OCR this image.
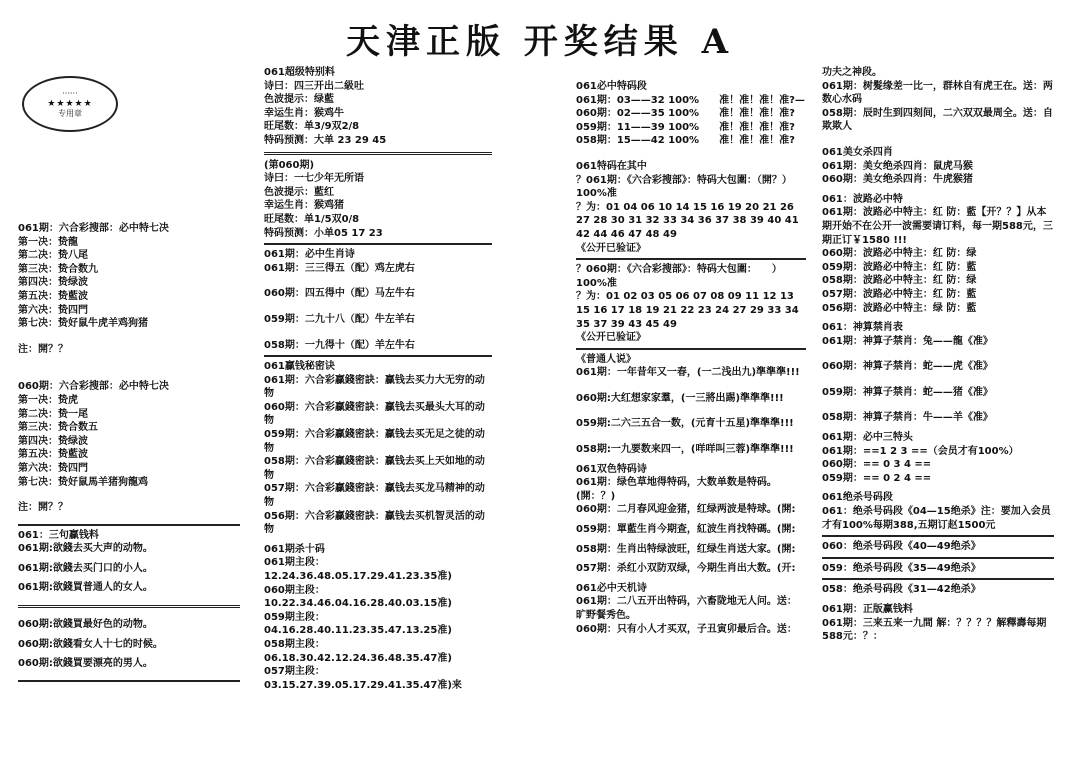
天津正版 开奖结果 A
······
★★★★★
专用章

061期：六合彩搜部：必中特七决

第一决：贽龍

第二决：贽八尾

第三决：贽合数九

第四决：贽绿波

第五决：贽藍波

第六决：贽四門

第七决：贽好鼠牛虎羊鸡狗猪

注：開？？

060期：六合彩搜部：必中特七决

第一决：贽虎

第二决：贽一尾

第三决：贽合数五

第四决：贽绿波

第五决：贽藍波

第六决：贽四門

第七决：贽好鼠馬羊猪狗龍鸡

注：開？？

061：三句贏钱料

061期:欲錢去买大声的动物。

061期:欲錢去买门口的小人。

061期:欲錢買普通人的女人。

060期:欲錢買最好色的动物。

060期:欲錢看女人十七的时候。

060期:欲錢買要漂亮的男人。

061超级特别料

诗曰：四三开出二級吐

色波提示：绿藍

幸运生肖：猴鸡牛

旺尾数：单3/9双2/8

特码预测：大单 23 29 45

(第060期)

诗曰：一七少年无所语

色波提示：藍红

幸运生肖：猴鸡猪

旺尾数：单1/5双0/8

特码预测：小单05 17 23

061期：必中生肖诗

061期：三三得五（配）鸡左虎右

060期：四五得中（配）马左牛右

059期：二九十八（配）牛左羊右

058期：一九得十（配）羊左牛右

061贏钱秘密诀

061期：六合彩贏錢密訣：贏钱去买力大无穷的动物

060期：六合彩贏錢密訣：贏钱去买最头大耳的动物

059期：六合彩贏錢密訣：贏钱去买无足之徒的动物

058期：六合彩贏錢密訣：贏钱去买上天如地的动物

057期：六合彩贏錢密訣：贏钱去买龙马精神的动物

056期：六合彩贏錢密訣：贏钱去买机智灵活的动物

061期杀十码

061期主段：12.24.36.48.05.17.29.41.23.35准)

060期主段：10.22.34.46.04.16.28.40.03.15准)

059期主段：04.16.28.40.11.23.35.47.13.25准)

058期主段：06.18.30.42.12.24.36.48.35.47准)

057期主段：03.15.27.39.05.17.29.41.35.47准)来

061必中特码段

061期：03——32 100%　　准！准！准！准?—

060期：02——35 100%　　准！准！准！准?

059期：11——39 100%　　准！准！准！准?

058期：15——42 100%　　准！准！准！准?

061特码在其中

？061期：《六合彩搜部》：特码大包圍：（開？）100%准

？为：01 04 06 10 14 15 16 19 20 21 26 27 28 30 31 32 33 34 36 37 38 39 40 41 42 44 46 47 48 49

《公开已验证》

？060期：《六合彩搜部》：特码大包圍：　　）100%准

？为：01 02 03 05 06 07 08 09 11 12 13 15 16 17 18 19 21 22 23 24 27 29 33 34 35 37 39 43 45 49

《公开已验证》

《普通人说》

061期：一年昔年又一春，(一二浅出九)準準準!!!

060期:大红想家家羣，(一三將出踢)準準準!!!

059期:二六三五合一数，(元育十五星)準準準!!!

058期:一九要数来四一，(咩咩叫三蓉)準準準!!!

061双色特码诗

061期：绿色草地得特码，大数单数是特码。(開：？)

060期：二月春风迎金猪，红绿两波是特球。(開:

059期：單藍生肖今期查，紅波生肖找特碼。(開:

058期：生肖出特绿波旺，红绿生肖送大家。(開:

057期：杀红小双防双绿，今期生肖出大数。(开:

061必中天机诗

061期：二八五开出特码，六畜陇地无人问。送：旷野餐秀色。

060期：只有小人才买双，子丑寅卯最后合。送：

功夫之神段。

061期：树髮缘差一比一，群林自有虎王在。送：两数心水码

058期：辰时生到四刻间，二六双双最周全。送：自欺欺人

061美女杀四肖

061期：美女绝杀四肖：鼠虎马猴

060期：美女绝杀四肖：牛虎猴猪

061：波路必中特

061期：波路必中特主：红 防：藍【开？？】从本期开始不在公开一波需要请订料，每一期588元，三期正订￥1580 !!!

060期：波路必中特主：红 防：绿

059期：波路必中特主：红 防：藍

058期：波路必中特主：红 防：绿

057期：波路必中特主：红 防：藍

056期：波路必中特主：绿 防：藍

061：神算禁肖表

061期：神算子禁肖：兔——龍《准》

060期：神算子禁肖：蛇——虎《准》

059期：神算子禁肖：蛇——猪《准》

058期：神算子禁肖：牛——羊《准》

061期：必中三特头

061期：==1 2 3 ==（会员才有100%）

060期：== 0 3 4 ==

059期：== 0 2 4 ==

061绝杀号码段

061：绝杀号码段《04—15绝杀》注：要加入会员才有100%每期388,五期订赵1500元

060：绝杀号码段《40—49绝杀》

059：绝杀号码段《35—49绝杀》

058：绝杀号码段《31—42绝杀》

061期：正版赢钱料

061期：三来五来一九間 解：？？？？解釋壽每期588元：？：
